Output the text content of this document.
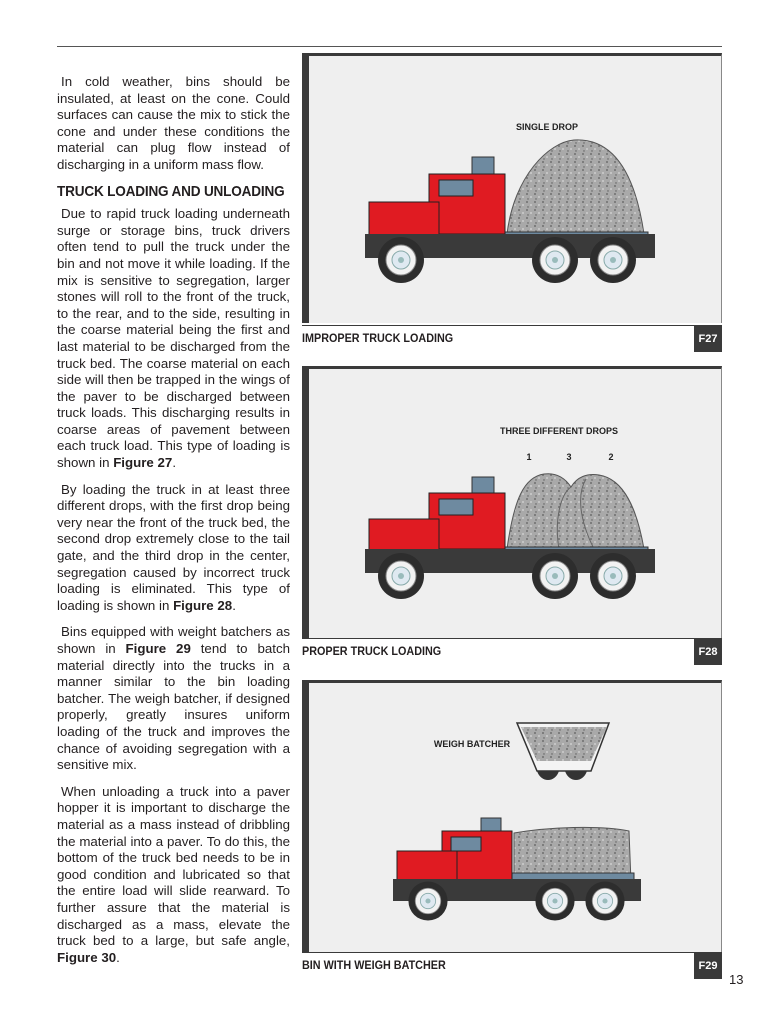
In cold weather, bins should be insulated, at least on the cone. Could surfaces can cause the mix to stick the cone and under these conditions the material can plug flow instead of discharging in a uniform mass flow.

TRUCK LOADING AND UNLOADING

Due to rapid truck loading underneath surge or storage bins, truck drivers often tend to pull the truck under the bin and not move it while loading. If the mix is sensitive to segregation, larger stones will roll to the front of the truck, to the rear, and to the side, resulting in the coarse material being the first and last material to be discharged from the truck bed. The coarse material on each side will then be trapped in the wings of the paver to be discharged between truck loads. This discharging results in coarse areas of pavement between each truck load. This type of loading is shown in Figure 27.

By loading the truck in at least three different drops, with the first drop being very near the front of the truck bed, the second drop extremely close to the tail gate, and the third drop in the center, segregation caused by incorrect truck loading is eliminated. This type of loading is shown in Figure 28.

Bins equipped with weight batchers as shown in Figure 29 tend to batch material directly into the trucks in a manner similar to the bin loading batcher. The weigh batcher, if designed properly, greatly insures uniform loading of the truck and improves the chance of avoiding segregation with a sensitive mix.

When unloading a truck into a paver hopper it is important to discharge the material as a mass instead of dribbling the material into a paver. To do this, the bottom of the truck bed needs to be in good condition and lubricated so that the entire load will slide rearward. To further assure that the material is discharged as a mass, elevate the truck bed to a large, but safe angle, Figure 30.

SINGLE DROP
IMPROPER TRUCK LOADING	F27
THREE DIFFERENT DROPS
1	3	2
PROPER TRUCK LOADING	F28
WEIGH BATCHER
BIN WITH WEIGH BATCHER	F29
13
